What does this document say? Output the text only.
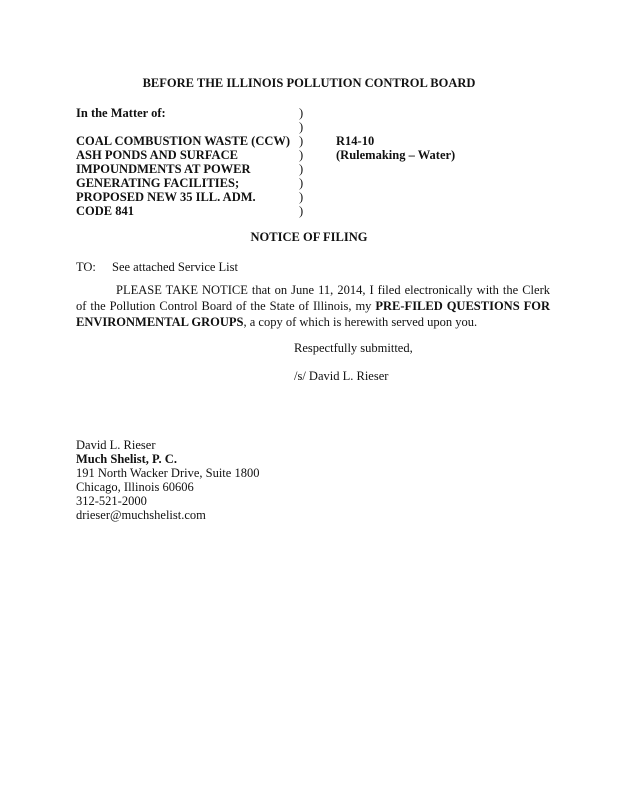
BEFORE THE ILLINOIS POLLUTION CONTROL BOARD
In the Matter of:
COAL COMBUSTION WASTE (CCW)
ASH PONDS AND SURFACE
IMPOUNDMENTS AT POWER
GENERATING FACILITIES;
PROPOSED NEW 35 ILL. ADM.
CODE 841
)
)
)
)
)
)
)
)
R14-10
(Rulemaking – Water)
NOTICE OF FILING
TO: See attached Service List
PLEASE TAKE NOTICE that on June 11, 2014, I filed electronically with the Clerk of the Pollution Control Board of the State of Illinois, my PRE-FILED QUESTIONS FOR ENVIRONMENTAL GROUPS, a copy of which is herewith served upon you.
Respectfully submitted,
/s/ David L. Rieser
David L. Rieser
Much Shelist, P. C.
191 North Wacker Drive, Suite 1800
Chicago, Illinois 60606
312-521-2000
drieser@muchshelist.com
